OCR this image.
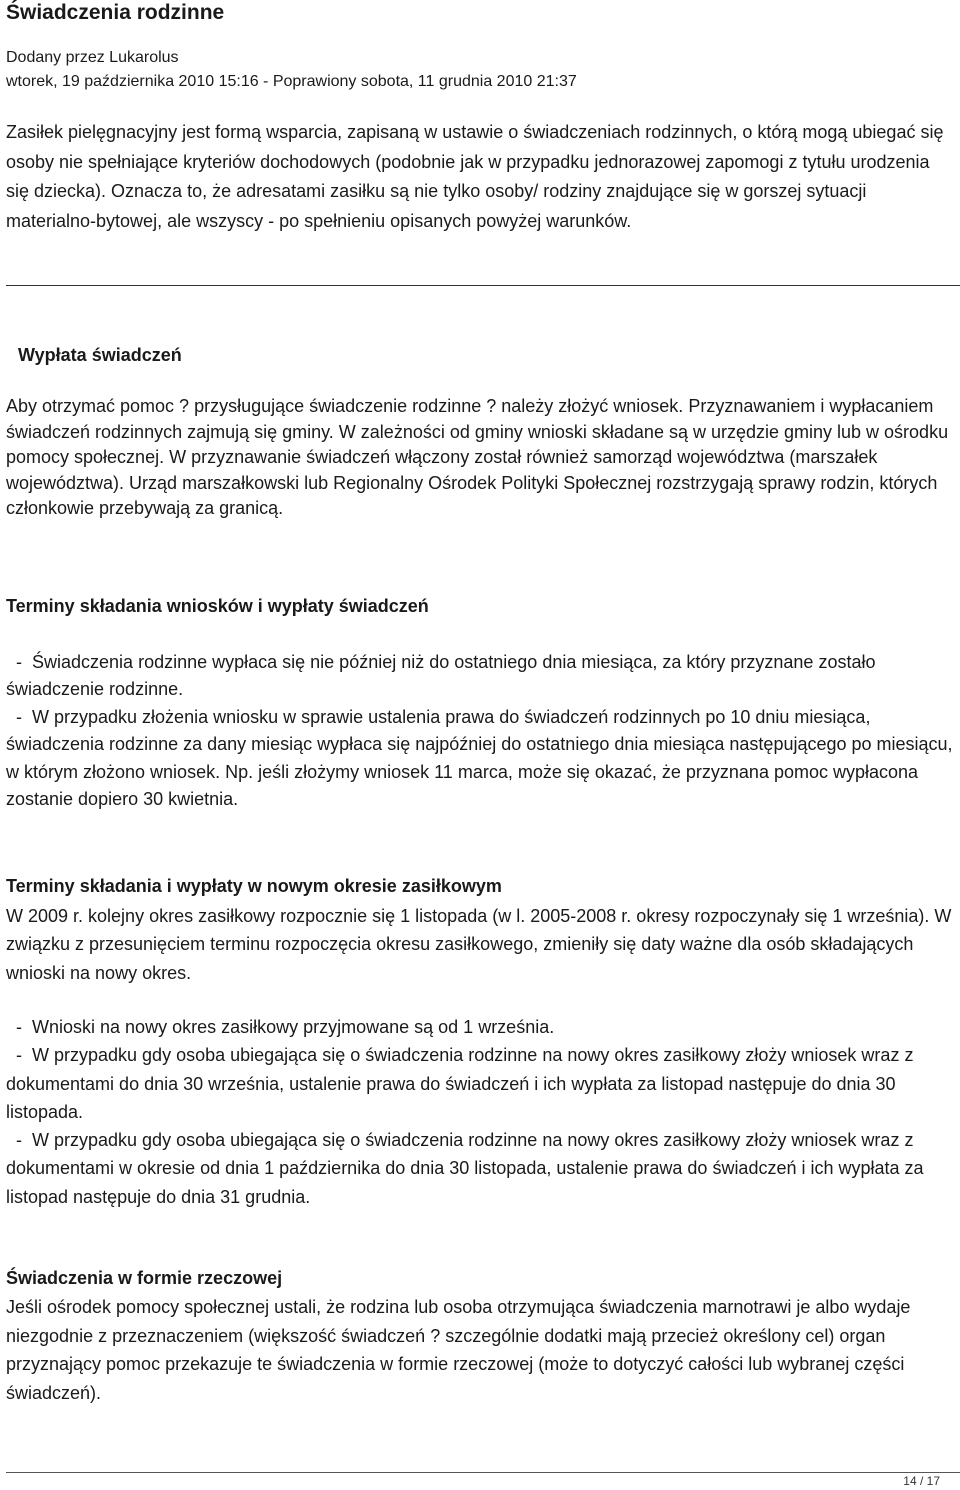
Świadczenia rodzinne
Dodany przez Lukarolus
wtorek, 19 października 2010 15:16 - Poprawiony sobota, 11 grudnia 2010 21:37

Zasiłek pielęgnacyjny jest formą wsparcia, zapisaną w ustawie o świadczeniach rodzinnych, o którą mogą ubiegać się osoby nie spełniające kryteriów dochodowych (podobnie jak w przypadku jednorazowej zapomogi z tytułu urodzenia się dziecka). Oznacza to, że adresatami zasiłku są nie tylko osoby/ rodziny znajdujące się w gorszej sytuacji materialno-bytowej, ale wszyscy - po spełnieniu opisanych powyżej warunków.

Wypłata świadczeń

Aby otrzymać pomoc ? przysługujące świadczenie rodzinne ? należy złożyć wniosek. Przyznawaniem i wypłacaniem świadczeń rodzinnych zajmują się gminy. W zależności od gminy wnioski składane są w urzędzie gminy lub w ośrodku pomocy społecznej. W przyznawanie świadczeń włączony został również samorząd województwa (marszałek województwa). Urząd marszałkowski lub Regionalny Ośrodek Polityki Społecznej rozstrzygają sprawy rodzin, których członkowie przebywają za granicą.

Terminy składania wniosków i wypłaty świadczeń

-  Świadczenia rodzinne wypłaca się nie później niż do ostatniego dnia miesiąca, za który przyznane zostało świadczenie rodzinne.

-  W przypadku złożenia wniosku w sprawie ustalenia prawa do świadczeń rodzinnych po 10 dniu miesiąca, świadczenia rodzinne za dany miesiąc wypłaca się najpóźniej do ostatniego dnia miesiąca następującego po miesiącu, w którym złożono wniosek. Np. jeśli złożymy wniosek 11 marca, może się okazać, że przyznana pomoc wypłacona zostanie dopiero 30 kwietnia.

Terminy składania i wypłaty w nowym okresie zasiłkowym

W 2009 r. kolejny okres zasiłkowy rozpocznie się 1 listopada (w l. 2005-2008 r. okresy rozpoczynały się 1 września). W związku z przesunięciem terminu rozpoczęcia okresu zasiłkowego, zmieniły się daty ważne dla osób składających wnioski na nowy okres.

-  Wnioski na nowy okres zasiłkowy przyjmowane są od 1 września.

-  W przypadku gdy osoba ubiegająca się o świadczenia rodzinne na nowy okres zasiłkowy złoży wniosek wraz z dokumentami do dnia 30 września, ustalenie prawa do świadczeń i ich wypłata za listopad następuje do dnia 30 listopada.

-  W przypadku gdy osoba ubiegająca się o świadczenia rodzinne na nowy okres zasiłkowy złoży wniosek wraz z dokumentami w okresie od dnia 1 października do dnia 30 listopada, ustalenie prawa do świadczeń i ich wypłata za listopad następuje do dnia 31 grudnia.

Świadczenia w formie rzeczowej

Jeśli ośrodek pomocy społecznej ustali, że rodzina lub osoba otrzymująca świadczenia marnotrawi je albo wydaje niezgodnie z przeznaczeniem (większość świadczeń ? szczególnie dodatki mają przecież określony cel) organ przyznający pomoc przekazuje te świadczenia w formie rzeczowej (może to dotyczyć całości lub wybranej części świadczeń).

14 / 17
